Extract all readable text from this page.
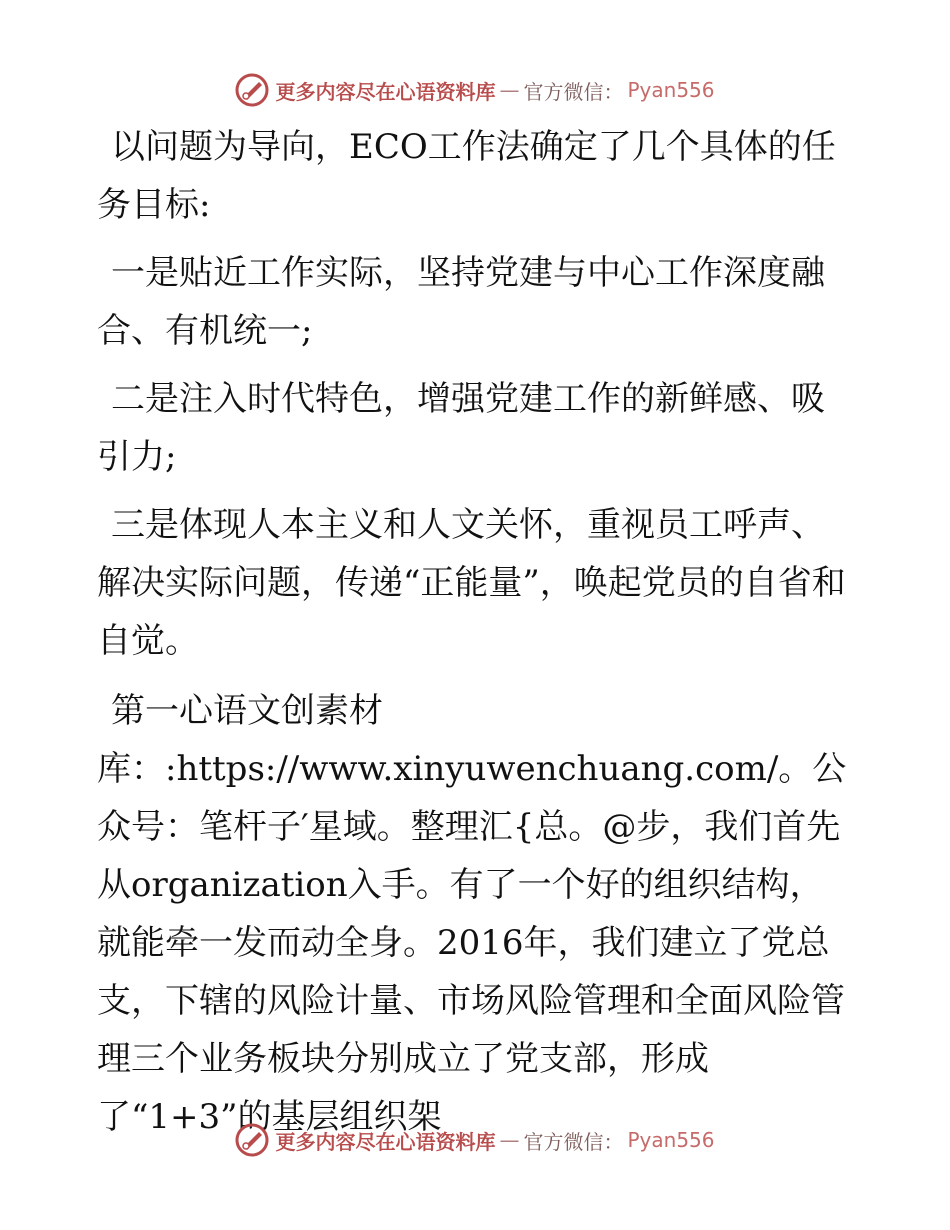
更多内容尽在心语资料库 — 官方微信： Pyan556

以问题为导向，ECO工作法确定了几个具体的任务目标:

一是贴近工作实际，坚持党建与中心工作深度融合、有机统一;

二是注入时代特色，增强党建工作的新鲜感、吸引力;

三是体现人本主义和人文关怀，重视员工呼声、解决实际问题，传递“正能量”，唤起党员的自省和自觉。

第一心语文创素材库：:https://www.xinyuwenchuang.com/。公众号：笔杆子′星域。整理汇{总。@步，我们首先从organization入手。有了一个好的组织结构，就能牵一发而动全身。2016年，我们建立了党总支，下辖的风险计量、市场风险管理和全面风险管理三个业务板块分别成立了党支部，形成了“1+3”的基层组织架

更多内容尽在心语资料库 — 官方微信： Pyan556
